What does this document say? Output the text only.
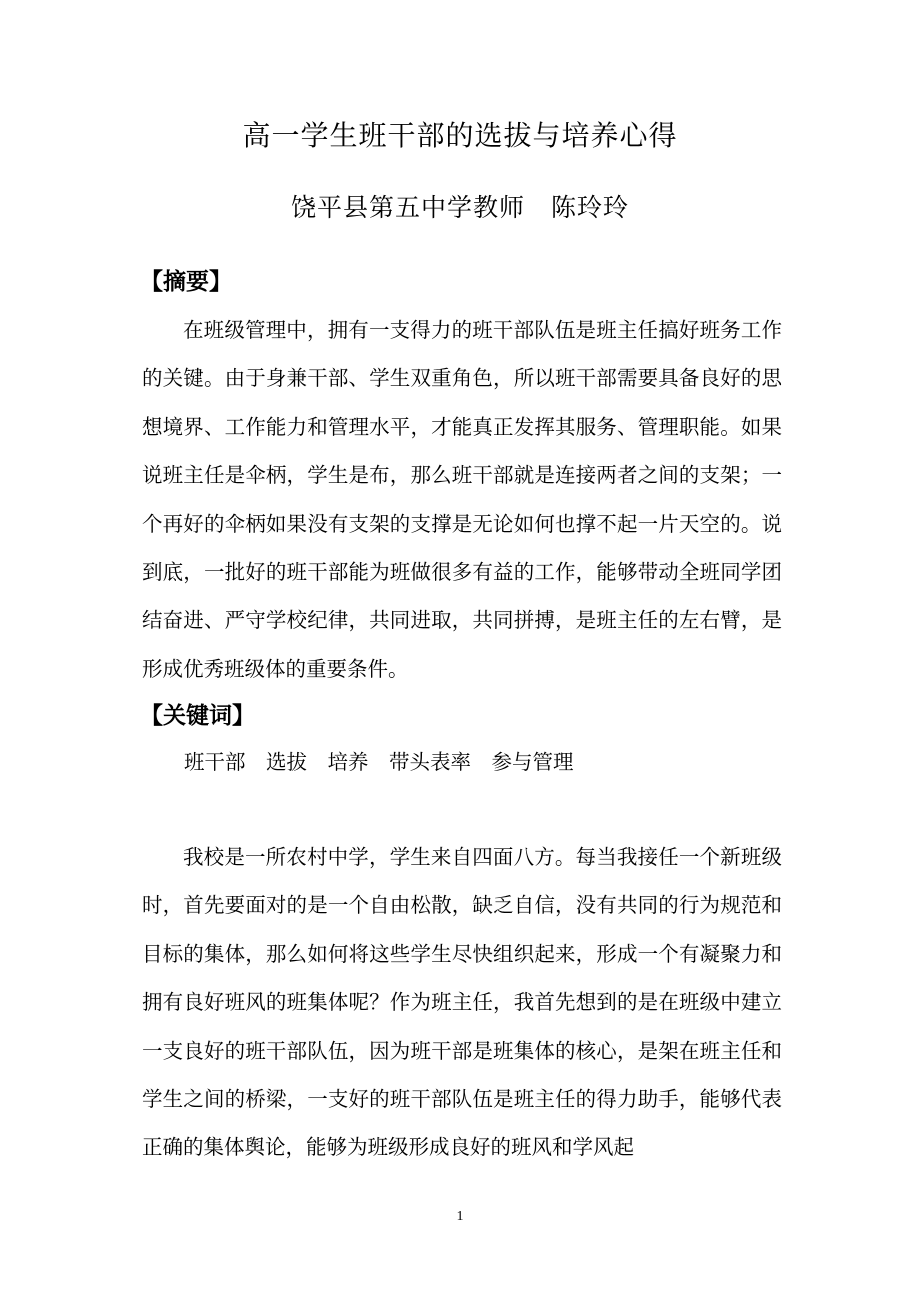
高一学生班干部的选拔与培养心得
饶平县第五中学教师　陈玲玲
【摘要】

在班级管理中，拥有一支得力的班干部队伍是班主任搞好班务工作的关键。由于身兼干部、学生双重角色，所以班干部需要具备良好的思想境界、工作能力和管理水平，才能真正发挥其服务、管理职能。如果说班主任是伞柄，学生是布，那么班干部就是连接两者之间的支架；一个再好的伞柄如果没有支架的支撑是无论如何也撑不起一片天空的。说到底，一批好的班干部能为班做很多有益的工作，能够带动全班同学团结奋进、严守学校纪律，共同进取，共同拼搏，是班主任的左右臂，是形成优秀班级体的重要条件。

【关键词】
班干部　选拔　培养　带头表率　参与管理

我校是一所农村中学，学生来自四面八方。每当我接任一个新班级时，首先要面对的是一个自由松散，缺乏自信，没有共同的行为规范和目标的集体，那么如何将这些学生尽快组织起来，形成一个有凝聚力和拥有良好班风的班集体呢？作为班主任，我首先想到的是在班级中建立一支良好的班干部队伍，因为班干部是班集体的核心，是架在班主任和学生之间的桥梁，一支好的班干部队伍是班主任的得力助手，能够代表正确的集体舆论，能够为班级形成良好的班风和学风起

1
